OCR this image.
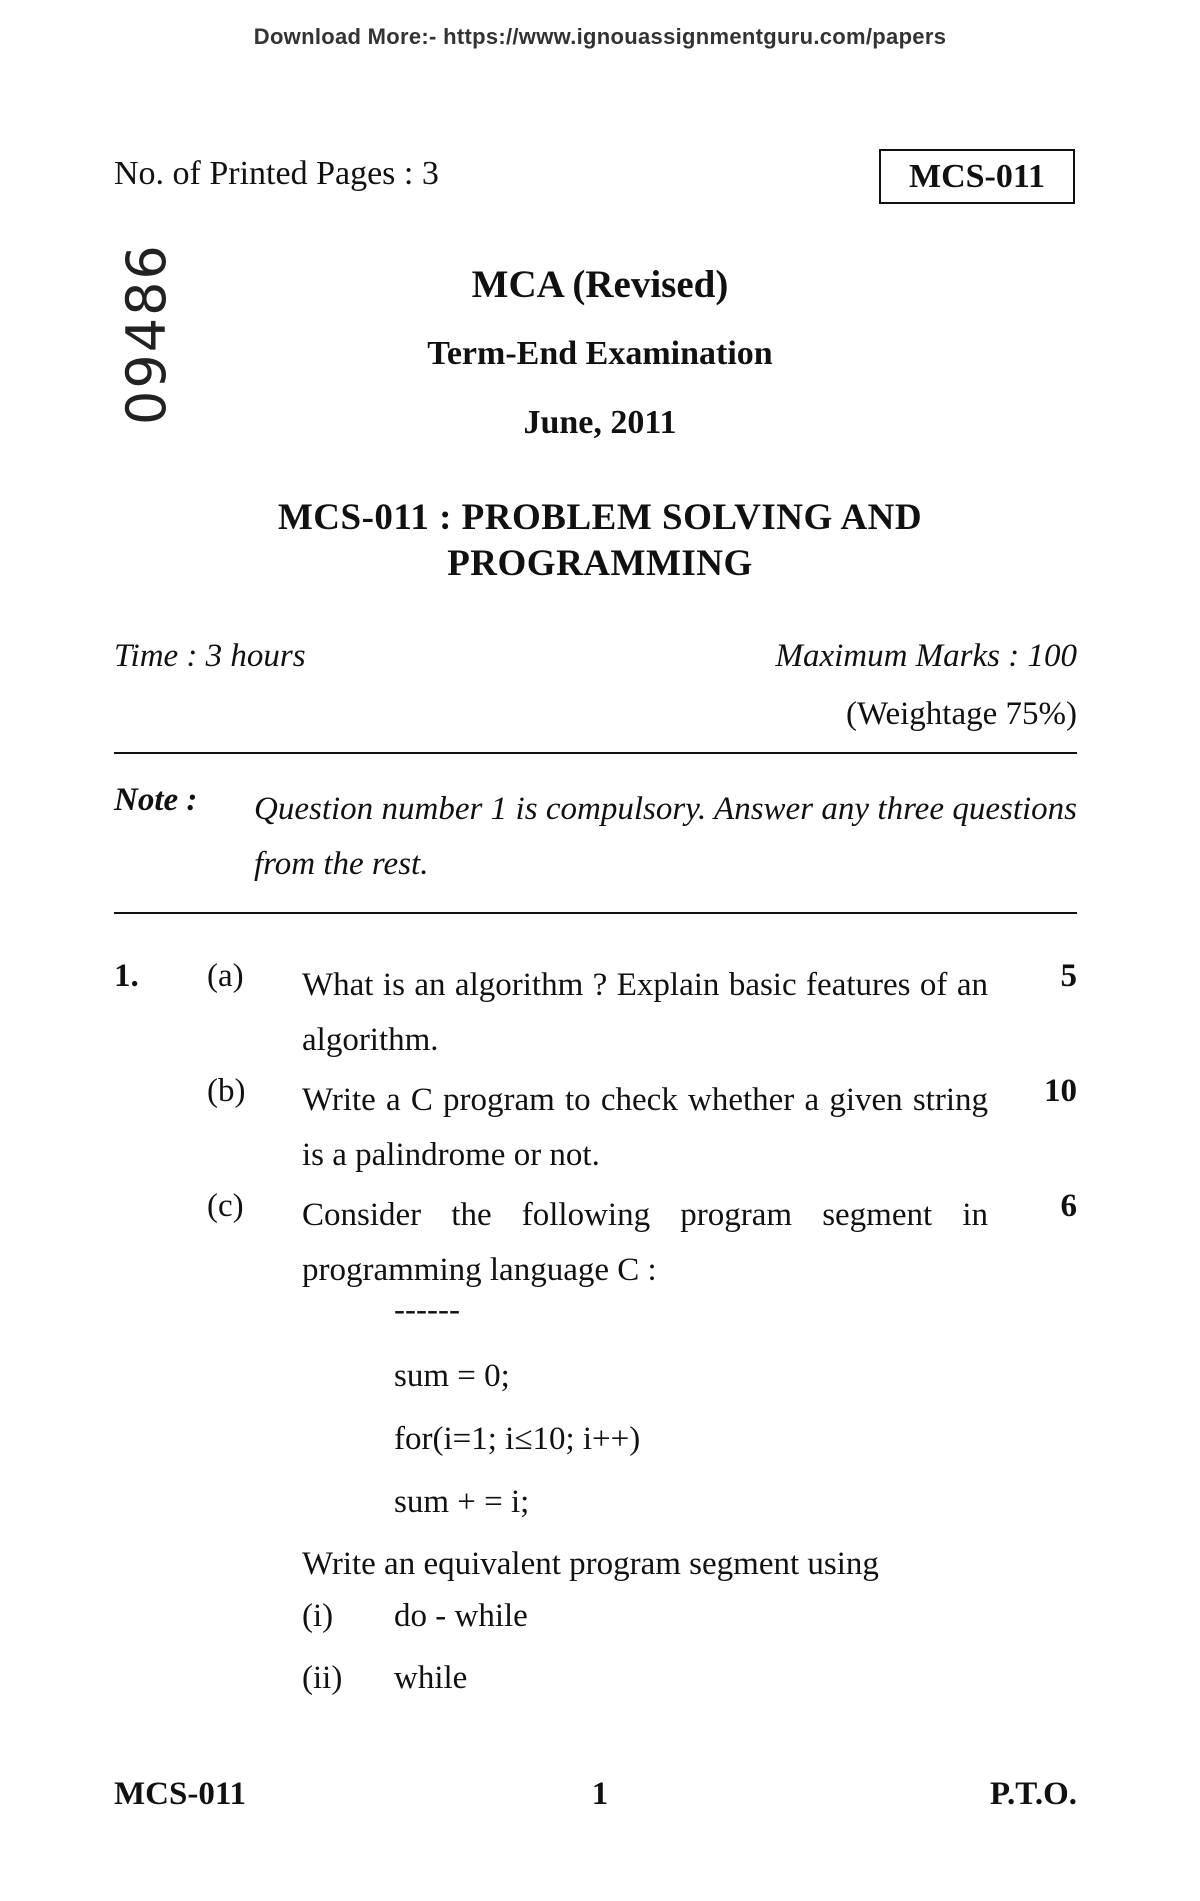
Download More:- https://www.ignouassignmentguru.com/papers
No. of Printed Pages : 3	MCS-011
09486	MCA (Revised)
Term-End Examination
June, 2011
MCS-011 : PROBLEM SOLVING AND
PROGRAMMING
Time : 3 hours	Maximum Marks : 100
(Weightage 75%)
Note : Question number 1 is compulsory. Answer any three questions from the rest.
1. (a) What is an algorithm ? Explain basic features of an algorithm.
5
(b) Write a C program to check whether a given string is a palindrome or not.
10
(c) Consider the following program segment in programming language C :
6
------
sum = 0;
for(i=1; i≤10; i++)
sum + = i;
Write an equivalent program segment using
(i) do - while
(ii) while
MCS-011	1	P.T.O.
